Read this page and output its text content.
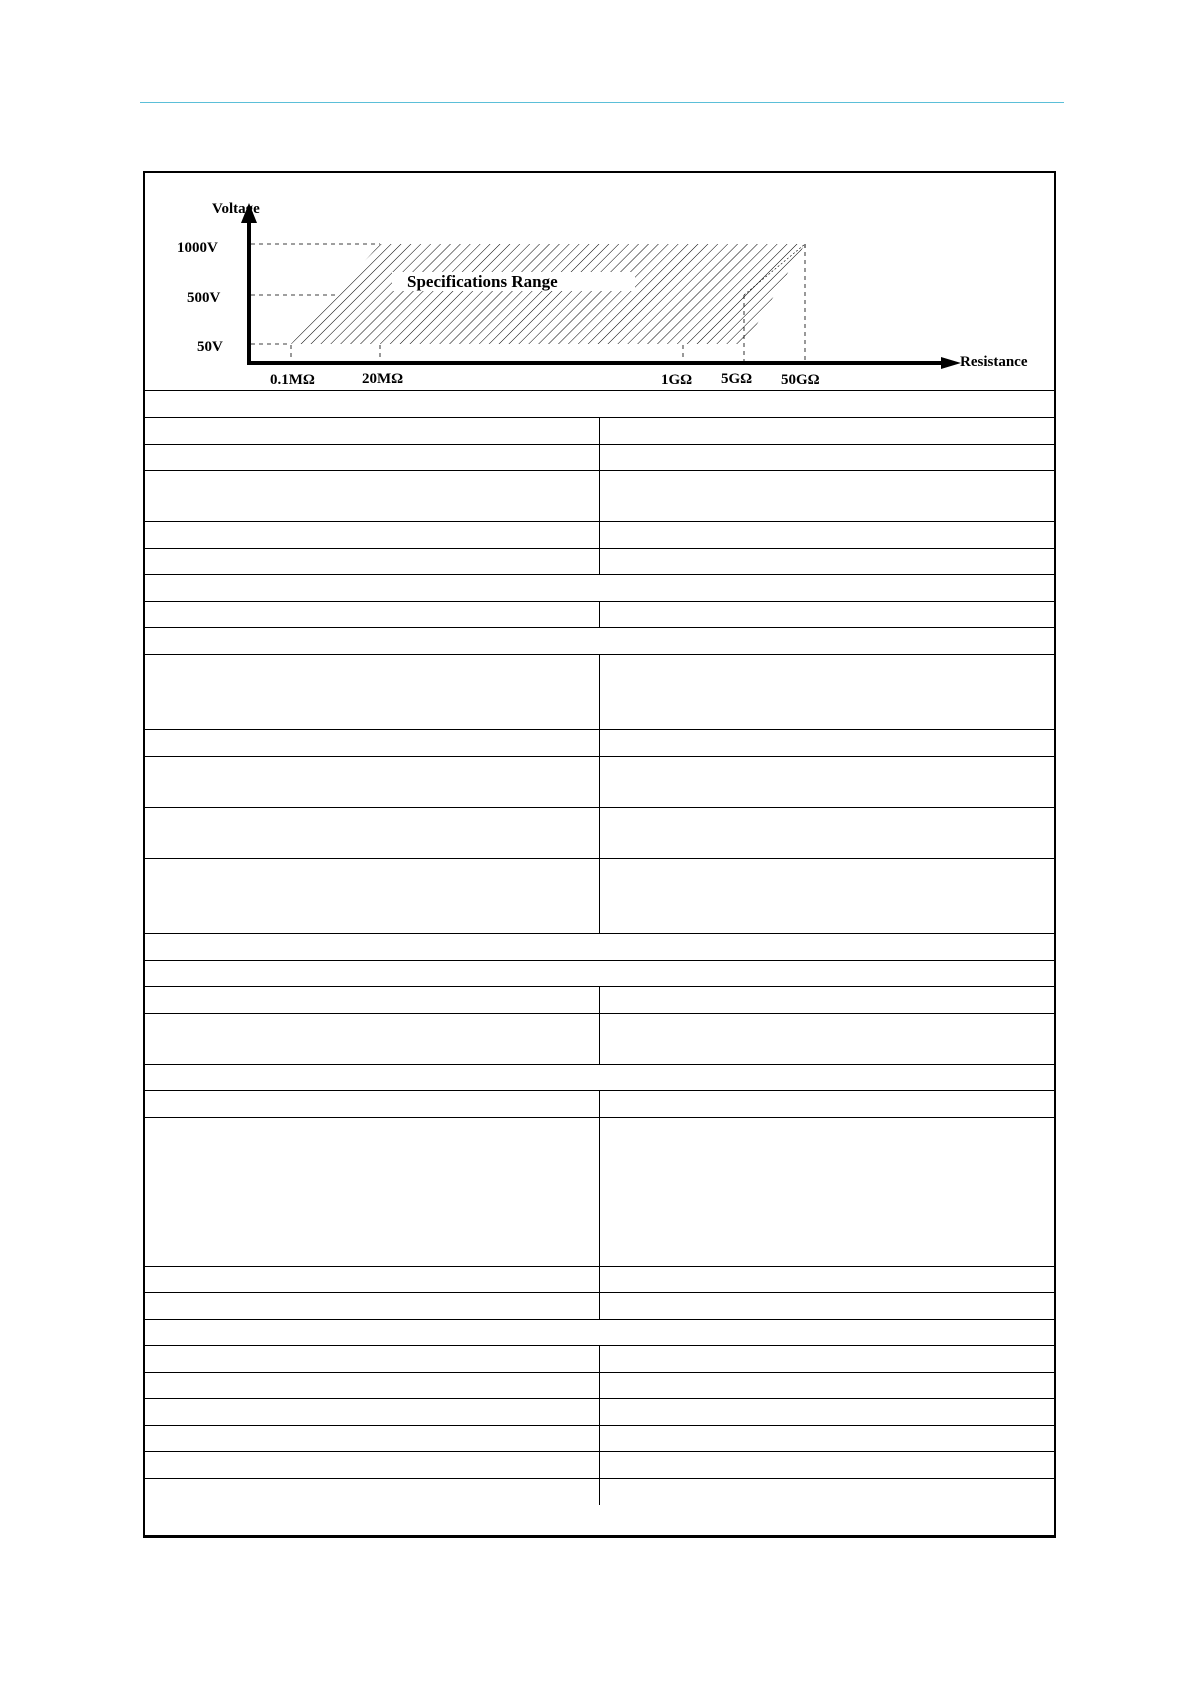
Specifications Range
Voltage
Resistance
1000V
500V
50V
0.1MΩ	20MΩ	1GΩ 5GΩ 50GΩ
